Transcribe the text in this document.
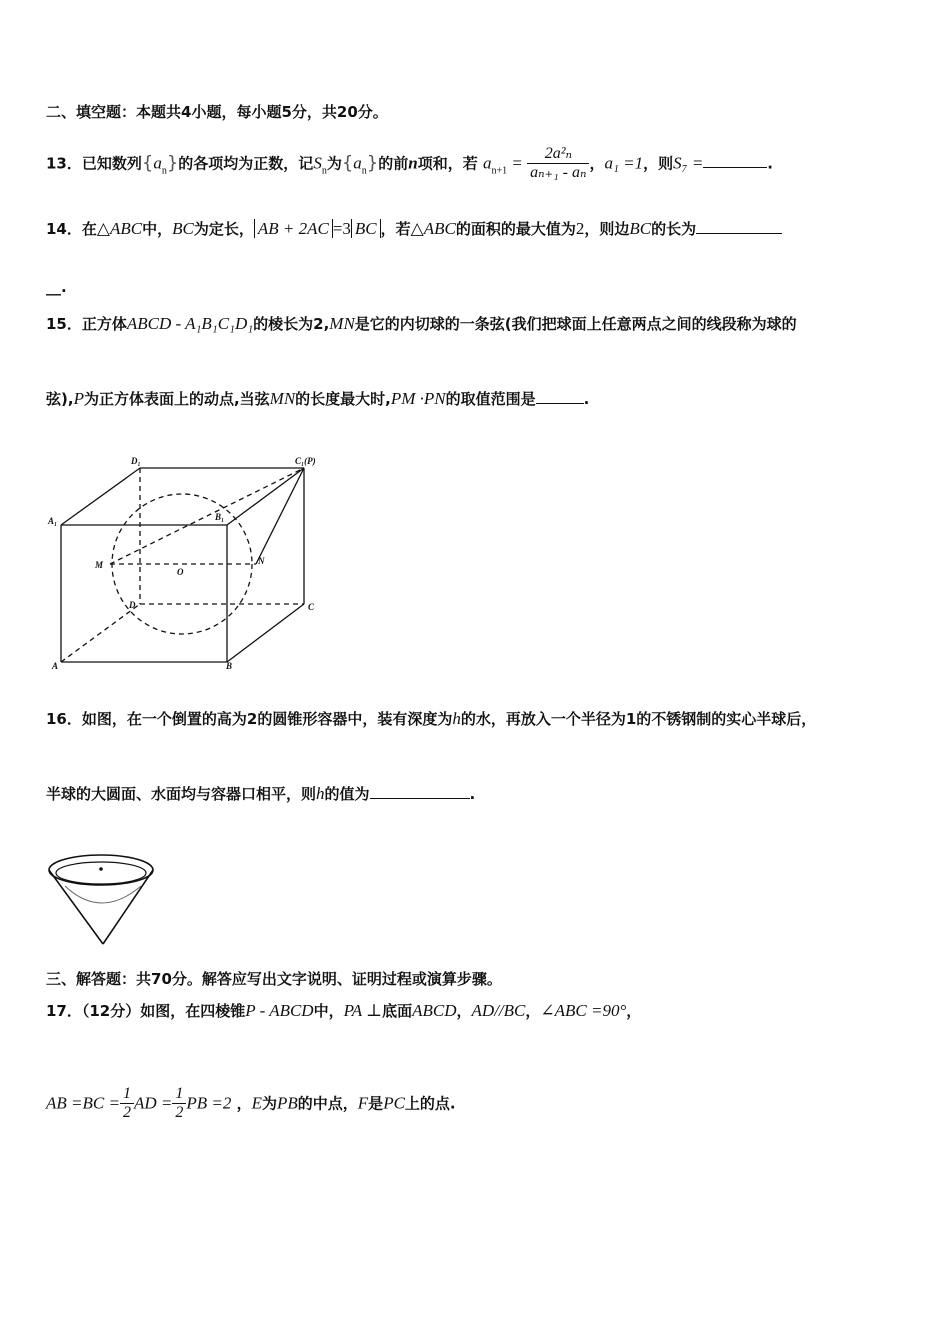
二、填空题：本题共4小题，每小题5分，共20分。
13．已知数列$\{a_n\}$的各项均为正数，记$S_n$为$\{a_n\}$的前n项和，若 $a_{n+1} = \frac{\text{2a²ₙ}}{\text{aₙ₊₁ - aₙ}}$ ，a₁ =1，则S₇ =	.
14．在△ABC中，BC为定长， AB + 2AC =3 BC ，若△ABC的面积的最大值为2，则边BC的长为
__.
15．正方体ABCD - A₁B₁C₁D₁的棱长为2,MN是它的内切球的一条弦(我们把球面上任意两点之间的线段称为球的
弦),P为正方体表面上的动点,当弦MN的长度最大时,PM ·PN的取值范围是	.
D₁	C₁(P)
A₁	B₁
M	N
O
D	C
A	B
16．如图，在一个倒置的高为2的圆锥形容器中，装有深度为h的水，再放入一个半径为1的不锈钢制的实心半球后，
半球的大圆面、水面均与容器口相平，则h的值为	.
三、解答题：共70分。解答应写出文字说明、证明过程或演算步骤。
17．（12分）如图，在四棱锥P - ABCD中，PA ⊥底面ABCD，AD//BC，∠ABC =90°，
AB $=BC = \frac{1}{2}$ AD = $\frac{1}{2}$ PB =2 ，E为PB的中点，F是PC上的点.
